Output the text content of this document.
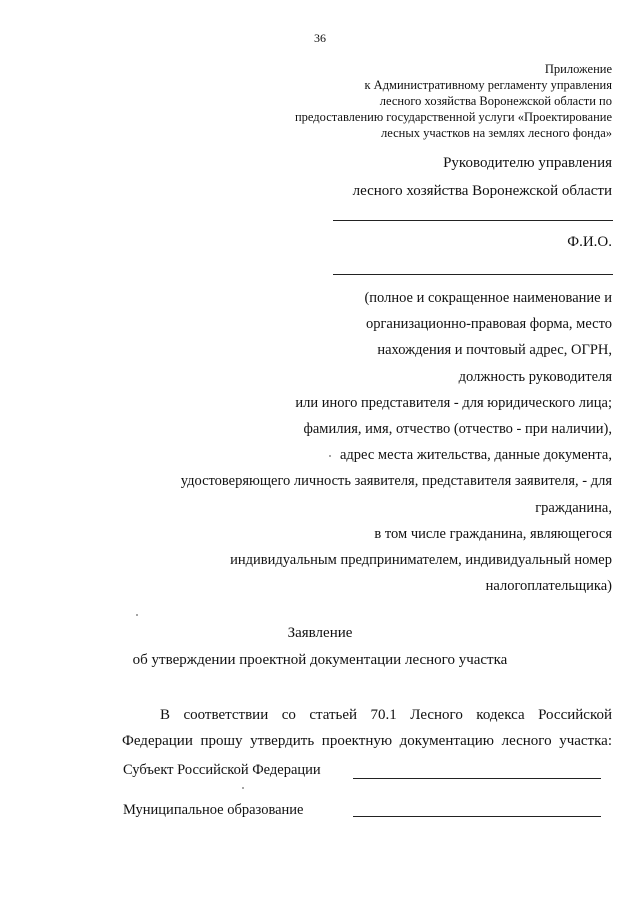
36
Приложение
к Административному регламенту управления
лесного хозяйства Воронежской области по
предоставлению государственной услуги «Проектирование
лесных участков на землях лесного фонда»
Руководителю управления
лесного хозяйства Воронежской области
Ф.И.О.
(полное и сокращенное наименование и
организационно-правовая форма, место
нахождения и почтовый адрес, ОГРН,
должность руководителя
или иного представителя - для юридического лица;
фамилия, имя, отчество (отчество - при наличии),
адрес места жительства, данные документа,
удостоверяющего личность заявителя, представителя заявителя, - для
гражданина,
в том числе гражданина, являющегося
индивидуальным предпринимателем, индивидуальный номер
налогоплательщика)
Заявление
об утверждении проектной документации лесного участка
В соответствии со статьей 70.1 Лесного кодекса Российской Федерации прошу утвердить проектную документацию лесного участка:
Субъект Российской Федерации
Муниципальное образование
